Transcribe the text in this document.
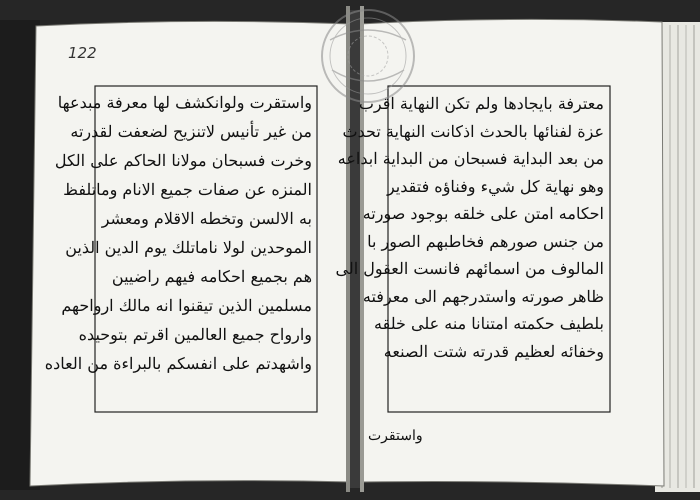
122
واستقرت ولوانكشف لها معرفة مبدعها
من غير تأنيس لاتنزيح لضعفت لقدرته
وخرت فسبحان مولانا الحاكم على الكل
المنزه عن صفات جميع الانام وماتلفظ
به الالسن وتخطه الاقلام ومعشر
الموحدين لولا ناماتلك يوم الدين الذين
هم بجميع احكامه فيهم راضيين
مسلمين الذين تيقنوا انه مالك ارواحهم
وارواح جميع العالمين اقرتم بتوحيده
واشهدتم على انفسكم بالبراءة من العاده
معترفة بايجادها ولم تكن النهاية اقرب
عزة لفنائها بالحدث اذكانت النهاية تحدث
من بعد البداية فسبحان من البداية ابداعه
وهو نهاية كل شيء وفناؤه فتقدير
احكامه امتن على خلقه بوجود صورته
من جنس صورهم فخاطبهم الصور با
المالوف من اسمائهم فانست العقول الى
ظاهر صورته واستدرجهم الى معرفته
بلطيف حكمته امتنانا منه على خلقه
وخفائه لعظيم قدرته شتت الصنعه
واستقرت
